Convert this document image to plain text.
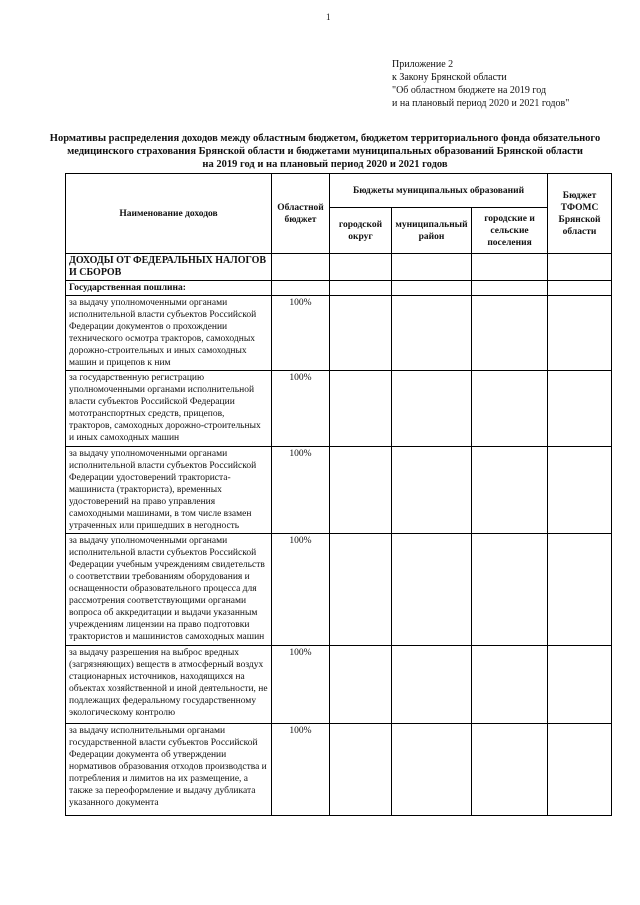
1
Приложение 2
к Закону Брянской области
"Об областном бюджете на 2019 год
и на плановый период 2020 и 2021 годов"
Нормативы распределения доходов между областным бюджетом, бюджетом территориального фонда обязательного
медицинского страхования Брянской области и бюджетами муниципальных образований Брянской области
на 2019 год и на плановый период 2020 и 2021 годов
Наименование доходов	Областной бюджет	Бюджеты муниципальных образований			Бюджет ТФОМС Брянской области
		городской округ	муниципальный район	городские и сельские поселения	
ДОХОДЫ ОТ ФЕДЕРАЛЬНЫХ НАЛОГОВ И СБОРОВ					
Государственная пошлина:					
за выдачу уполномоченными органами исполнительной власти субъектов Российской Федерации документов о прохождении технического осмотра тракторов, самоходных дорожно-строительных и иных самоходных машин и прицепов к ним	100%				
за государственную регистрацию уполномоченными органами исполнительной власти субъектов Российской Федерации мототранспортных средств, прицепов, тракторов, самоходных дорожно-строительных и иных самоходных машин	100%				
за выдачу уполномоченными органами исполнительной власти субъектов Российской Федерации удостоверений тракториста-машиниста (тракториста), временных удостоверений на право управления самоходными машинами, в том числе взамен утраченных или пришедших в негодность	100%				
за выдачу уполномоченными органами исполнительной власти субъектов Российской Федерации учебным учреждениям свидетельств о соответствии требованиям оборудования и оснащенности образовательного процесса для рассмотрения соответствующими органами вопроса об аккредитации и выдачи указанным учреждениям лицензии на право подготовки трактористов и машинистов самоходных машин	100%				
за выдачу разрешения на выброс вредных (загрязняющих) веществ в атмосферный воздух стационарных источников, находящихся на объектах хозяйственной и иной деятельности, не подлежащих федеральному государственному экологическому контролю	100%				
за выдачу исполнительными органами государственной власти субъектов Российской Федерации документа об утверждении нормативов образования отходов производства и потребления и лимитов на их размещение, а также за переоформление и выдачу дубликата указанного документа	100%				
